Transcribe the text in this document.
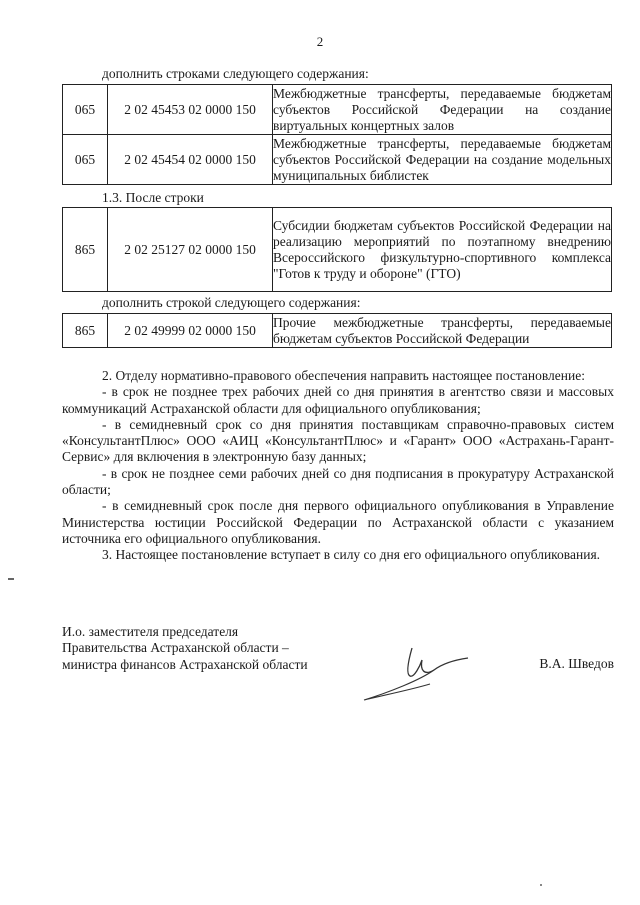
2
дополнить строками следующего содержания:
065	2 02 45453 02 0000 150	Межбюджетные трансферты, передаваемые бюджетам субъектов Российской Федерации на создание виртуальных концертных залов
065	2 02 45454 02 0000 150	Межбюджетные трансферты, передаваемые бюджетам субъектов Российской Федерации на создание модельных муниципальных библистек
1.3. После строки
865	2 02 25127 02 0000 150	Субсидии бюджетам субъектов Российской Федерации на реализацию мероприятий по поэтапному внедрению Всероссийского физкультурно-спортивного комплекса "Готов к труду и обороне" (ГТО)
дополнить строкой следующего содержания:
865	2 02 49999 02 0000 150	Прочие межбюджетные трансферты, передаваемые бюджетам субъектов Российской Федерации

2. Отделу нормативно-правового обеспечения направить настоящее постановление:

- в срок не позднее трех рабочих дней со дня принятия в агентство связи и массовых коммуникаций Астраханской области для официального опубликования;

- в семидневный срок со дня принятия поставщикам справочно-правовых систем «КонсультантПлюс» ООО «АИЦ «КонсультантПлюс» и «Гарант» ООО «Астрахань-Гарант-Сервис» для включения в электронную базу данных;

- в срок не позднее семи рабочих дней со дня подписания в прокуратуру Астраханской области;

- в семидневный срок после дня первого официального опубликования в Управление Министерства юстиции Российской Федерации по Астраханской области с указанием источника его официального опубликования.

3. Настоящее постановление вступает в силу со дня его официального опубликования.

И.о. заместителя председателя
Правительства Астраханской области –
министра финансов Астраханской области	В.А. Шведов
